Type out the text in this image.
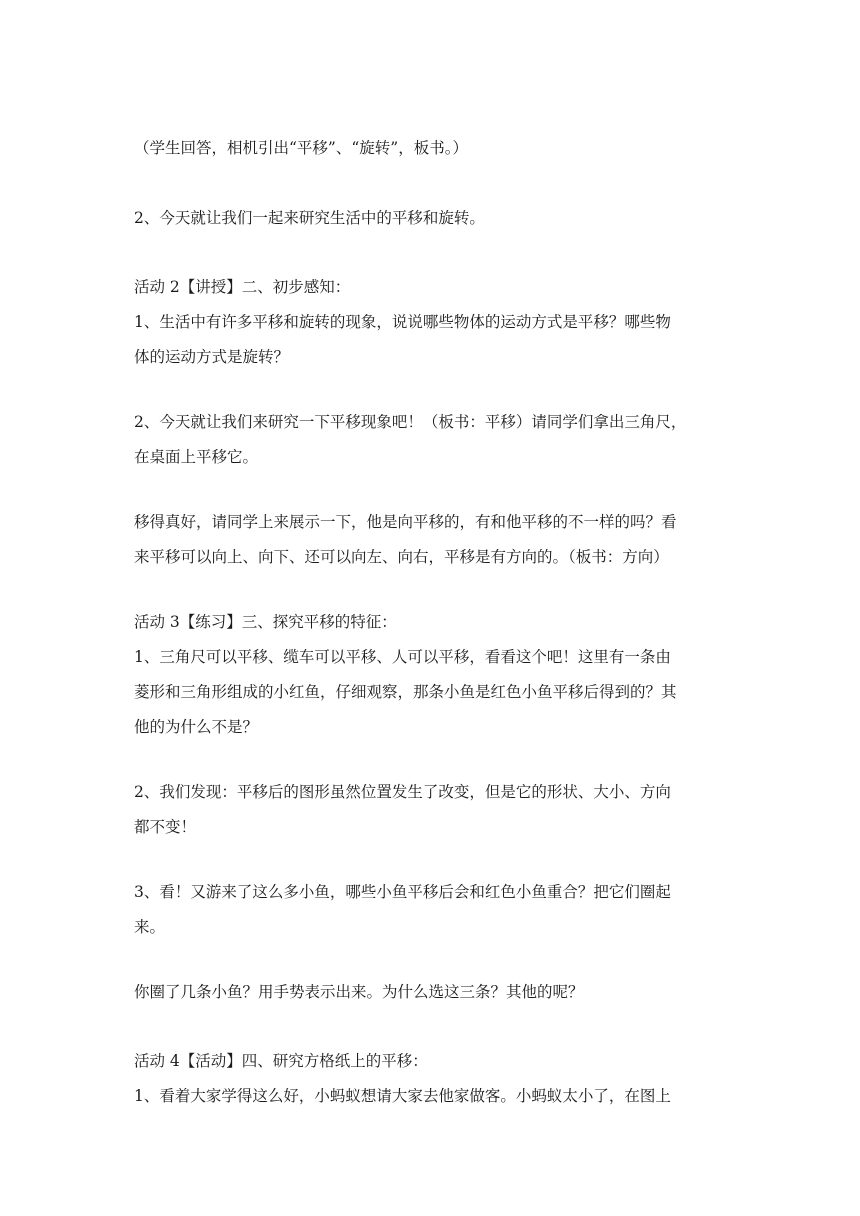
（学生回答，相机引出“平移”、“旋转”，板书。）

2、今天就让我们一起来研究生活中的平移和旋转。

活动 2【讲授】二、初步感知：

1、生活中有许多平移和旋转的现象，说说哪些物体的运动方式是平移？哪些物
体的运动方式是旋转？

2、今天就让我们来研究一下平移现象吧！（板书：平移）请同学们拿出三角尺，
在桌面上平移它。

移得真好，请同学上来展示一下，他是向平移的，有和他平移的不一样的吗？看
来平移可以向上、向下、还可以向左、向右，平移是有方向的。（板书：方向）

活动 3【练习】三、探究平移的特征：

1、三角尺可以平移、缆车可以平移、人可以平移，看看这个吧！这里有一条由
菱形和三角形组成的小红鱼，仔细观察，那条小鱼是红色小鱼平移后得到的？其
他的为什么不是？

2、我们发现：平移后的图形虽然位置发生了改变，但是它的形状、大小、方向
都不变！

3、看！又游来了这么多小鱼，哪些小鱼平移后会和红色小鱼重合？把它们圈起
来。

你圈了几条小鱼？用手势表示出来。为什么选这三条？其他的呢？

活动 4【活动】四、研究方格纸上的平移：

1、看着大家学得这么好，小蚂蚁想请大家去他家做客。小蚂蚁太小了，在图上
